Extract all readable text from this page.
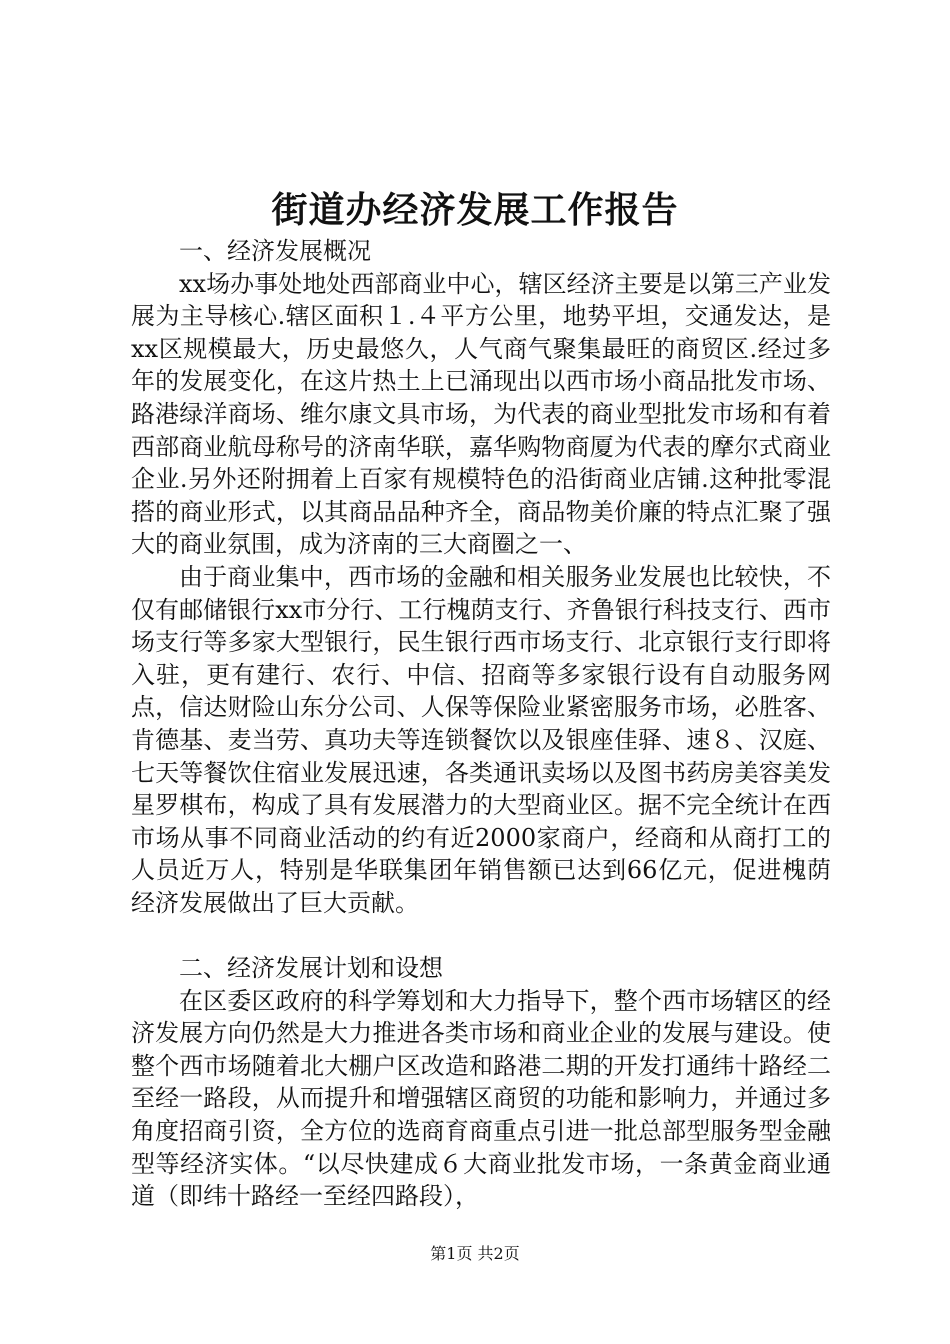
街道办经济发展工作报告

一、经济发展概况

xx场办事处地处西部商业中心，辖区经济主要是以第三产业发展为主导核心.辖区面积１.４平方公里，地势平坦，交通发达，是xx区规模最大，历史最悠久，人气商气聚集最旺的商贸区.经过多年的发展变化，在这片热土上已涌现出以西市场小商品批发市场、路港绿洋商场、维尔康文具市场，为代表的商业型批发市场和有着西部商业航母称号的济南华联，嘉华购物商厦为代表的摩尔式商业企业.另外还附拥着上百家有规模特色的沿街商业店铺.这种批零混搭的商业形式，以其商品品种齐全，商品物美价廉的特点汇聚了强大的商业氛围，成为济南的三大商圈之一、

由于商业集中，西市场的金融和相关服务业发展也比较快，不仅有邮储银行xx市分行、工行槐荫支行、齐鲁银行科技支行、西市场支行等多家大型银行，民生银行西市场支行、北京银行支行即将入驻，更有建行、农行、中信、招商等多家银行设有自动服务网点，信达财险山东分公司、人保等保险业紧密服务市场，必胜客、肯德基、麦当劳、真功夫等连锁餐饮以及银座佳驿、速８、汉庭、七天等餐饮住宿业发展迅速，各类通讯卖场以及图书药房美容美发星罗棋布，构成了具有发展潜力的大型商业区。据不完全统计在西市场从事不同商业活动的约有近2000家商户，经商和从商打工的人员近万人，特别是华联集团年销售额已达到66亿元，促进槐荫经济发展做出了巨大贡献。

二、经济发展计划和设想

在区委区政府的科学筹划和大力指导下，整个西市场辖区的经济发展方向仍然是大力推进各类市场和商业企业的发展与建设。使整个西市场随着北大棚户区改造和路港二期的开发打通纬十路经二至经一路段，从而提升和增强辖区商贸的功能和影响力，并通过多角度招商引资，全方位的选商育商重点引进一批总部型服务型金融型等经济实体。“以尽快建成６大商业批发市场，一条黄金商业通道（即纬十路经一至经四路段），

第1页 共2页
